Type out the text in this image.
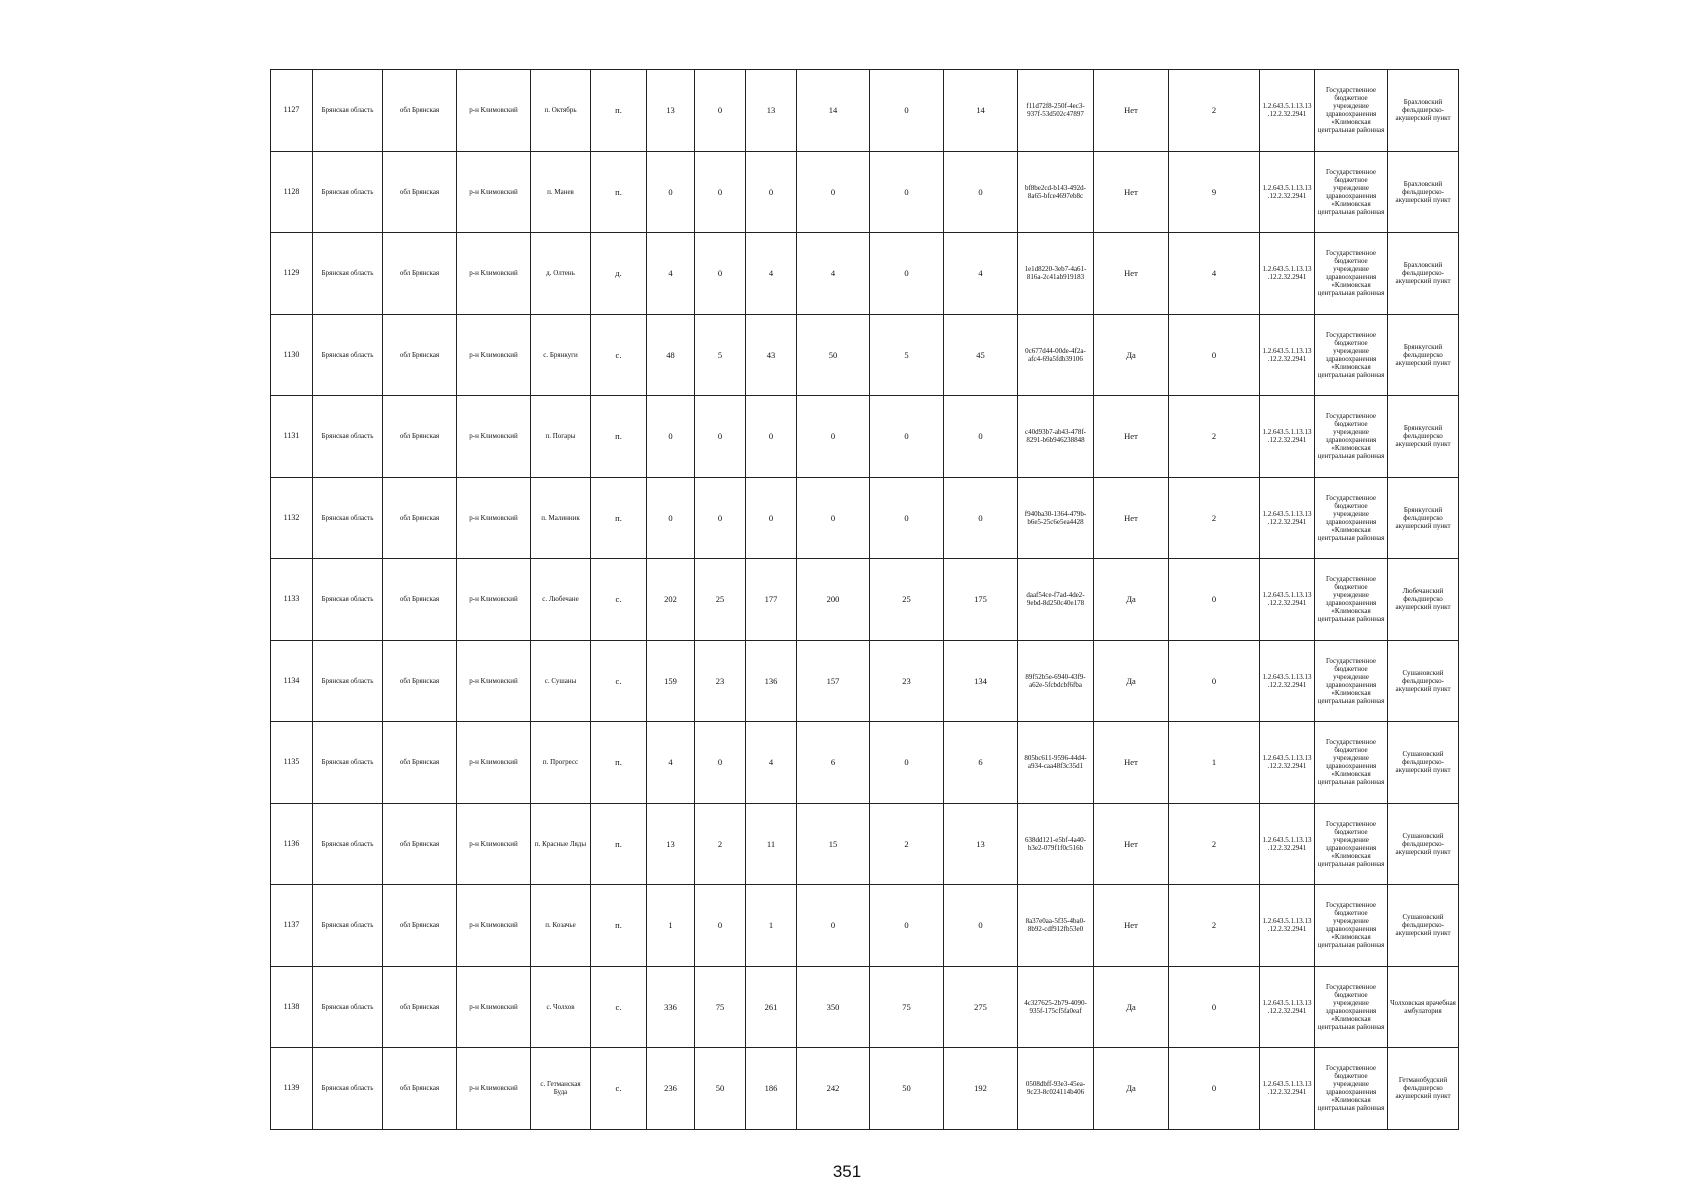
1127	Брянская область	обл Брянская	р-н Климовский	п. Октябрь	п.	13	0	13	14	0	14	f11d72f8-250f-4ec3-937f-53d502c47897	Нет	2	1.2.643.5.1.13.13.12.2.32.2941	Государственное бюджетное учреждение здравоохранения «Климовская центральная районная	Брахловский фельдшерско-акушерский пункт
1128	Брянская область	обл Брянская	р-н Климовский	п. Манев	п.	0	0	0	0	0	0	bf8be2cd-b143-492d-8a65-bfce4697eb8c	Нет	9	1.2.643.5.1.13.13.12.2.32.2941	Государственное бюджетное учреждение здравоохранения «Климовская центральная районная	Брахловский фельдшерско-акушерский пункт
1129	Брянская область	обл Брянская	р-н Климовский	д. Олтень	д.	4	0	4	4	0	4	1e1d8220-3eb7-4a61-816a-2c41ab919183	Нет	4	1.2.643.5.1.13.13.12.2.32.2941	Государственное бюджетное учреждение здравоохранения «Климовская центральная районная	Брахловский фельдшерско-акушерский пункт
1130	Брянская область	обл Брянская	р-н Климовский	с. Брянкуги	с.	48	5	43	50	5	45	0c677d44-00de-4f2a-afc4-69a5fdb39106	Да	0	1.2.643.5.1.13.13.12.2.32.2941	Государственное бюджетное учреждение здравоохранения «Климовская центральная районная	Брянкугский фельдшерско акушерский пункт
1131	Брянская область	обл Брянская	р-н Климовский	п. Погары	п.	0	0	0	0	0	0	c40d93b7-ab43-478f-8291-b6b946238848	Нет	2	1.2.643.5.1.13.13.12.2.32.2941	Государственное бюджетное учреждение здравоохранения «Климовская центральная районная	Брянкугский фельдшерско акушерский пункт
1132	Брянская область	обл Брянская	р-н Климовский	п. Малинник	п.	0	0	0	0	0	0	f940ba30-1364-479b-b6e5-25c6e5ea4428	Нет	2	1.2.643.5.1.13.13.12.2.32.2941	Государственное бюджетное учреждение здравоохранения «Климовская центральная районная	Брянкугский фельдшерско акушерский пункт
1133	Брянская область	обл Брянская	р-н Климовский	с. Любечане	с.	202	25	177	200	25	175	daaf54ce-f7ad-4de2-9ebd-8d250c40e178	Да	0	1.2.643.5.1.13.13.12.2.32.2941	Государственное бюджетное учреждение здравоохранения «Климовская центральная районная	Любечанский фельдшерско акушерский пункт
1134	Брянская область	обл Брянская	р-н Климовский	с. Сушаны	с.	159	23	136	157	23	134	89f52b5e-6940-43f9-a62e-5fcbdcbf6fba	Да	0	1.2.643.5.1.13.13.12.2.32.2941	Государственное бюджетное учреждение здравоохранения «Климовская центральная районная	Сушановский фельдшерско-акушерский пункт
1135	Брянская область	обл Брянская	р-н Климовский	п. Прогресс	п.	4	0	4	6	0	6	805bc611-9596-44d4-a934-caa48f3c35d1	Нет	1	1.2.643.5.1.13.13.12.2.32.2941	Государственное бюджетное учреждение здравоохранения «Климовская центральная районная	Сушановский фельдшерско-акушерский пункт
1136	Брянская область	обл Брянская	р-н Климовский	п. Красные Ляды	п.	13	2	11	15	2	13	638dd121-e5bf-4a40-b3e2-079f1f0c516b	Нет	2	1.2.643.5.1.13.13.12.2.32.2941	Государственное бюджетное учреждение здравоохранения «Климовская центральная районная	Сушановский фельдшерско-акушерский пункт
1137	Брянская область	обл Брянская	р-н Климовский	п. Козачье	п.	1	0	1	0	0	0	8a37e0aa-5f35-4ba0-8b92-cdf912fb53e0	Нет	2	1.2.643.5.1.13.13.12.2.32.2941	Государственное бюджетное учреждение здравоохранения «Климовская центральная районная	Сушановский фельдшерско-акушерский пункт
1138	Брянская область	обл Брянская	р-н Климовский	с. Чолхов	с.	336	75	261	350	75	275	4c327625-2b79-4090-935f-175cf5fa0eaf	Да	0	1.2.643.5.1.13.13.12.2.32.2941	Государственное бюджетное учреждение здравоохранения «Климовская центральная районная	Чолховская врачебная амбулатория
1139	Брянская область	обл Брянская	р-н Климовский	с. Гетманская Буда	с.	236	50	186	242	50	192	0508dbff-93e3-45ea-9c23-8c024114b406	Да	0	1.2.643.5.1.13.13.12.2.32.2941	Государственное бюджетное учреждение здравоохранения «Климовская центральная районная	Гетманобудский фельдшерско акушерский пункт
351
